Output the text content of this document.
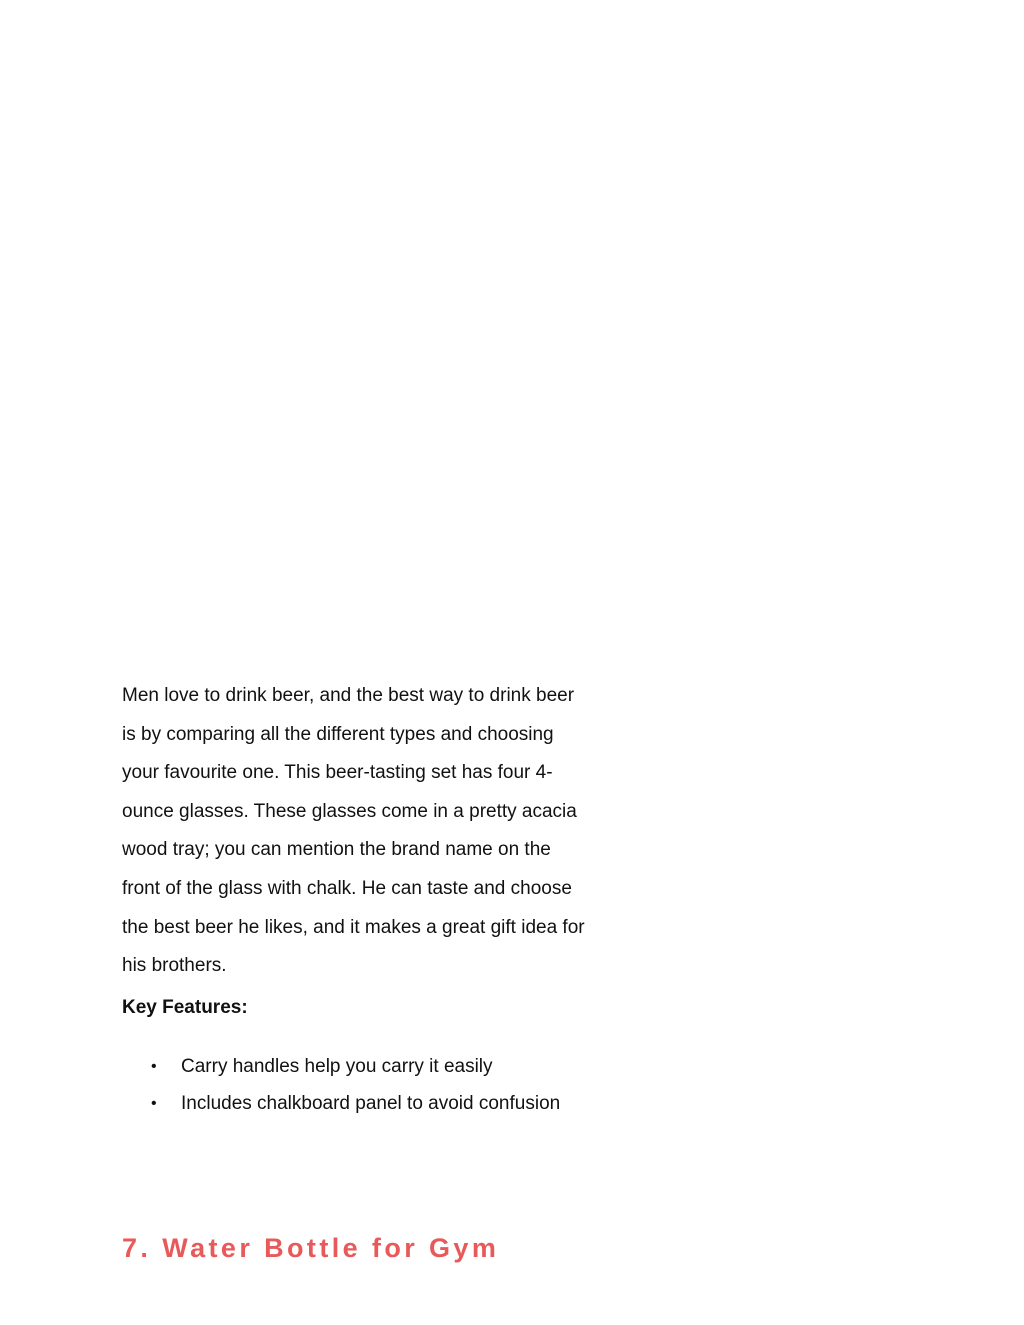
Men love to drink beer, and the best way to drink beer
is by comparing all the different types and choosing
your favourite one. This beer-tasting set has four 4-
ounce glasses. These glasses come in a pretty acacia
wood tray; you can mention the brand name on the
front of the glass with chalk. He can taste and choose
the best beer he likes, and it makes a great gift idea for
his brothers.

Key Features:

• Carry handles help you carry it easily
• Includes chalkboard panel to avoid confusion
7. Water Bottle for Gym
